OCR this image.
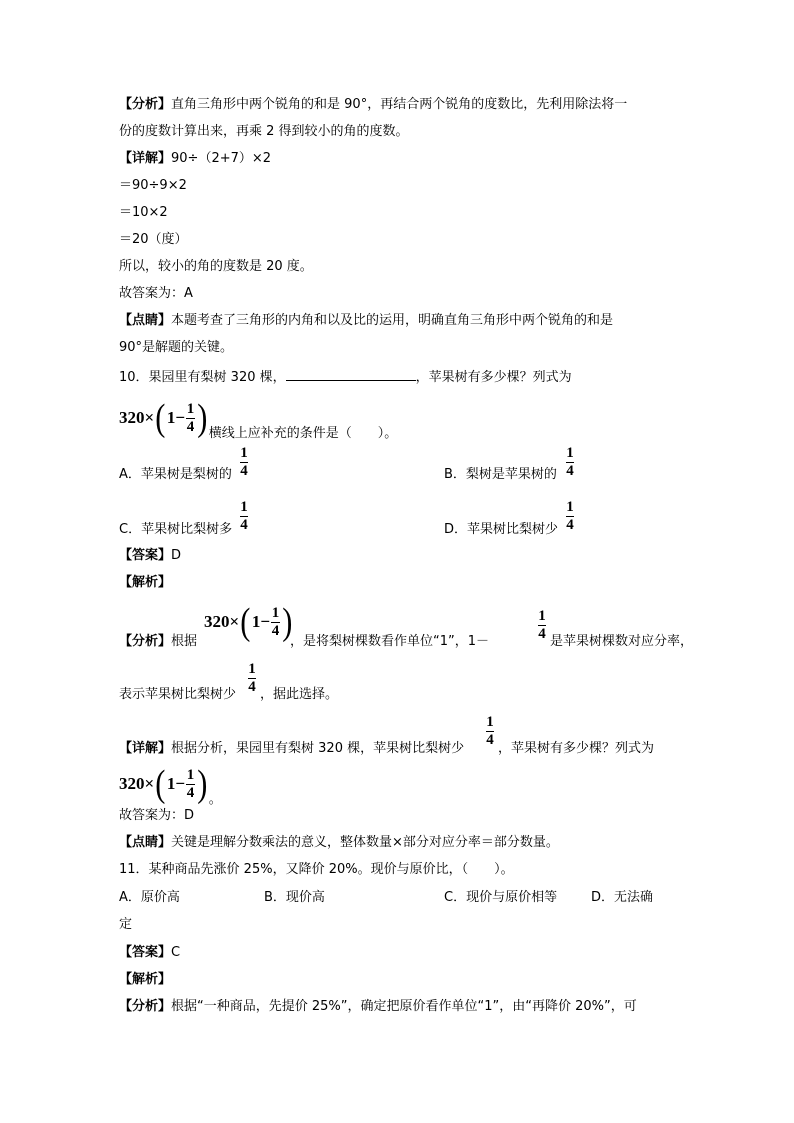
【分析】直角三角形中两个锐角的和是 90°，再结合两个锐角的度数比，先利用除法将一
份的度数计算出来，再乘 2 得到较小的角的度数。
【详解】90÷（2+7）×2
＝90÷9×2
＝10×2
＝20（度）
所以，较小的角的度数是 20 度。
故答案为：A
【点睛】本题考查了三角形的内角和以及比的运用，明确直角三角形中两个锐角的和是
90°是解题的关键。
10．果园里有梨树 320 棵，	，苹果树有多少棵？列式为
320× ( 1− 1
4 ) 横线上应补充的条件是（　　）。
A．苹果树是梨树的
1
4	B．梨树是苹果树的
1
4
C．苹果树比梨树多
1
4	D．苹果树比梨树少
1
4
【答案】D
【解析】
【分析】根据
320× ( 1− 1
4 )
，是将梨树棵数看作单位“1”，1－
1
4 是苹果树棵数对应分率，
表示苹果树比梨树少
1
4 ，据此选择。
【详解】根据分析，果园里有梨树 320 棵，苹果树比梨树少
1
4
，苹果树有多少棵？列式为
320× ( 1− 1
4 ) 。
故答案为：D
【点睛】关键是理解分数乘法的意义，整体数量×部分对应分率＝部分数量。
11．某种商品先涨价 25%，又降价 20%。现价与原价比，（　　）。
A．原价高	B．现价高	C．现价与原价相等	D．无法确
定
【答案】C
【解析】
【分析】根据“一种商品，先提价 25%”，确定把原价看作单位“1”，由“再降价 20%”，可
